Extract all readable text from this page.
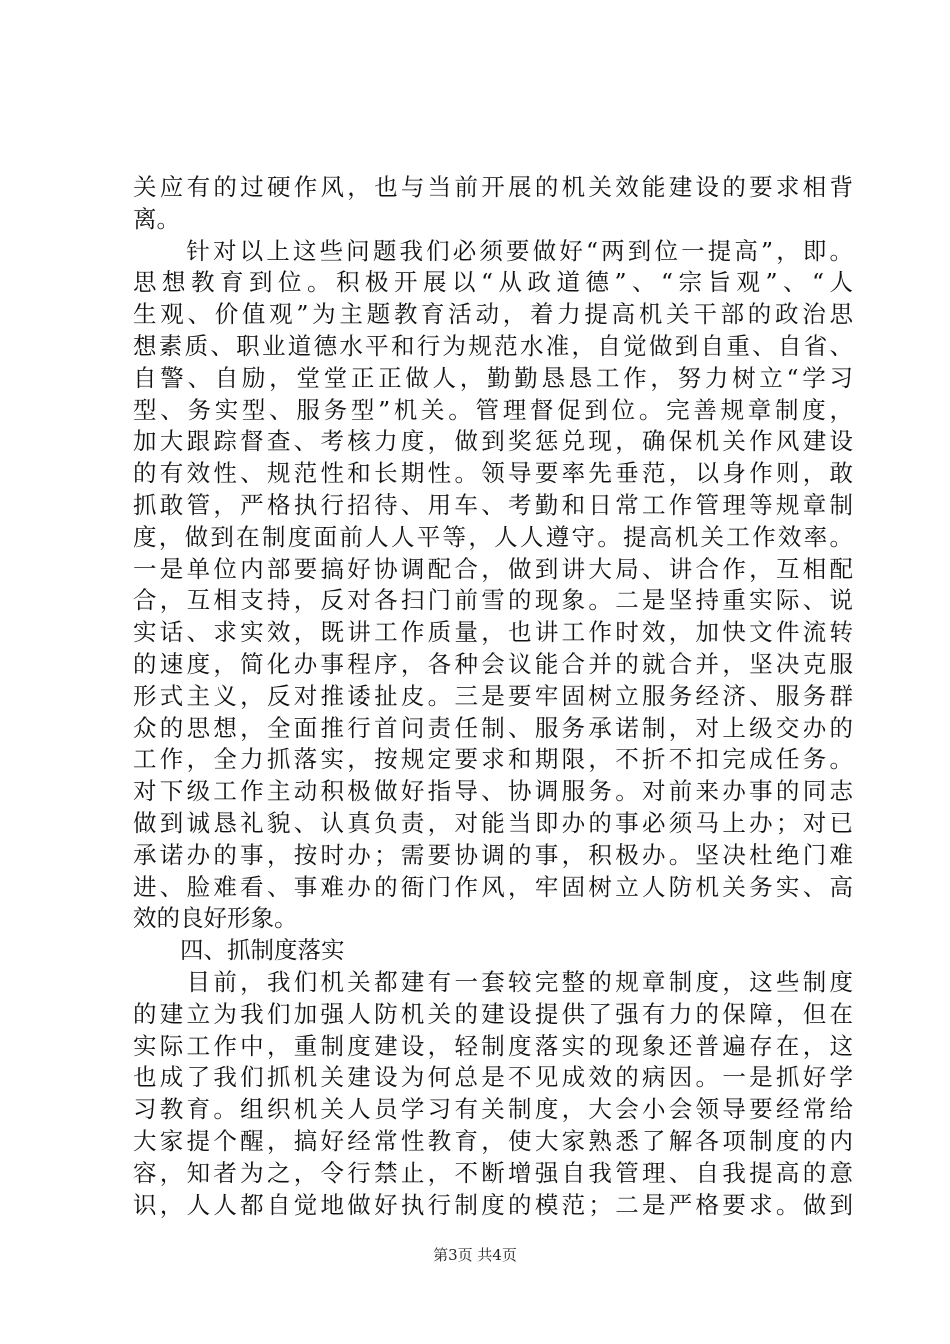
关应有的过硬作风，也与当前开展的机关效能建设的要求相背
离。
　　针对以上这些问题我们必须要做好“两到位一提高”，即。
思想教育到位。积极开展以“从政道德”、“宗旨观”、“人
生观、价值观”为主题教育活动，着力提高机关干部的政治思
想素质、职业道德水平和行为规范水准，自觉做到自重、自省、
自警、自励，堂堂正正做人，勤勤恳恳工作，努力树立“学习
型、务实型、服务型”机关。管理督促到位。完善规章制度，
加大跟踪督查、考核力度，做到奖惩兑现，确保机关作风建设
的有效性、规范性和长期性。领导要率先垂范，以身作则，敢
抓敢管，严格执行招待、用车、考勤和日常工作管理等规章制
度，做到在制度面前人人平等，人人遵守。提高机关工作效率。
一是单位内部要搞好协调配合，做到讲大局、讲合作，互相配
合，互相支持，反对各扫门前雪的现象。二是坚持重实际、说
实话、求实效，既讲工作质量，也讲工作时效，加快文件流转
的速度，简化办事程序，各种会议能合并的就合并，坚决克服
形式主义，反对推诿扯皮。三是要牢固树立服务经济、服务群
众的思想，全面推行首问责任制、服务承诺制，对上级交办的
工作，全力抓落实，按规定要求和期限，不折不扣完成任务。
对下级工作主动积极做好指导、协调服务。对前来办事的同志
做到诚恳礼貌、认真负责，对能当即办的事必须马上办；对已
承诺办的事，按时办；需要协调的事，积极办。坚决杜绝门难
进、脸难看、事难办的衙门作风，牢固树立人防机关务实、高
效的良好形象。
四、抓制度落实
　　目前，我们机关都建有一套较完整的规章制度，这些制度
的建立为我们加强人防机关的建设提供了强有力的保障，但在
实际工作中，重制度建设，轻制度落实的现象还普遍存在，这
也成了我们抓机关建设为何总是不见成效的病因。一是抓好学
习教育。组织机关人员学习有关制度，大会小会领导要经常给
大家提个醒，搞好经常性教育，使大家熟悉了解各项制度的内
容，知者为之，令行禁止，不断增强自我管理、自我提高的意
识，人人都自觉地做好执行制度的模范；二是严格要求。做到
第3页 共4页
